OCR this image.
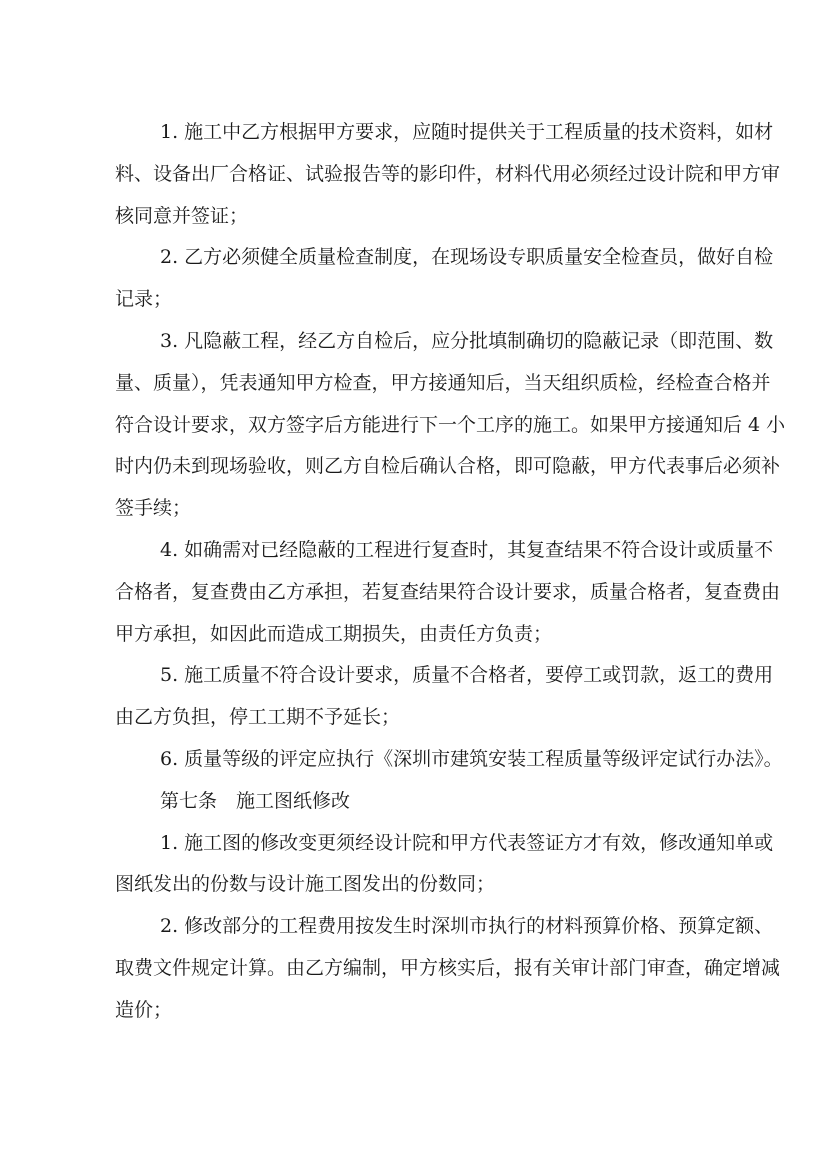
1. 施工中乙方根据甲方要求，应随时提供关于工程质量的技术资料，如材
料、设备出厂合格证、试验报告等的影印件，材料代用必须经过设计院和甲方审
核同意并签证；
2. 乙方必须健全质量检查制度，在现场设专职质量安全检查员，做好自检
记录；
3. 凡隐蔽工程，经乙方自检后，应分批填制确切的隐蔽记录（即范围、数
量、质量），凭表通知甲方检查，甲方接通知后，当天组织质检，经检查合格并
符合设计要求，双方签字后方能进行下一个工序的施工。如果甲方接通知后 4 小
时内仍未到现场验收，则乙方自检后确认合格，即可隐蔽，甲方代表事后必须补
签手续；
4. 如确需对已经隐蔽的工程进行复查时，其复查结果不符合设计或质量不
合格者，复查费由乙方承担，若复查结果符合设计要求，质量合格者，复查费由
甲方承担，如因此而造成工期损失，由责任方负责；
5. 施工质量不符合设计要求，质量不合格者，要停工或罚款，返工的费用
由乙方负担，停工工期不予延长；
6. 质量等级的评定应执行《深圳市建筑安装工程质量等级评定试行办法》。
第七条　施工图纸修改
1. 施工图的修改变更须经设计院和甲方代表签证方才有效，修改通知单或
图纸发出的份数与设计施工图发出的份数同；
2. 修改部分的工程费用按发生时深圳市执行的材料预算价格、预算定额、
取费文件规定计算。由乙方编制，甲方核实后，报有关审计部门审查，确定增减
造价；
